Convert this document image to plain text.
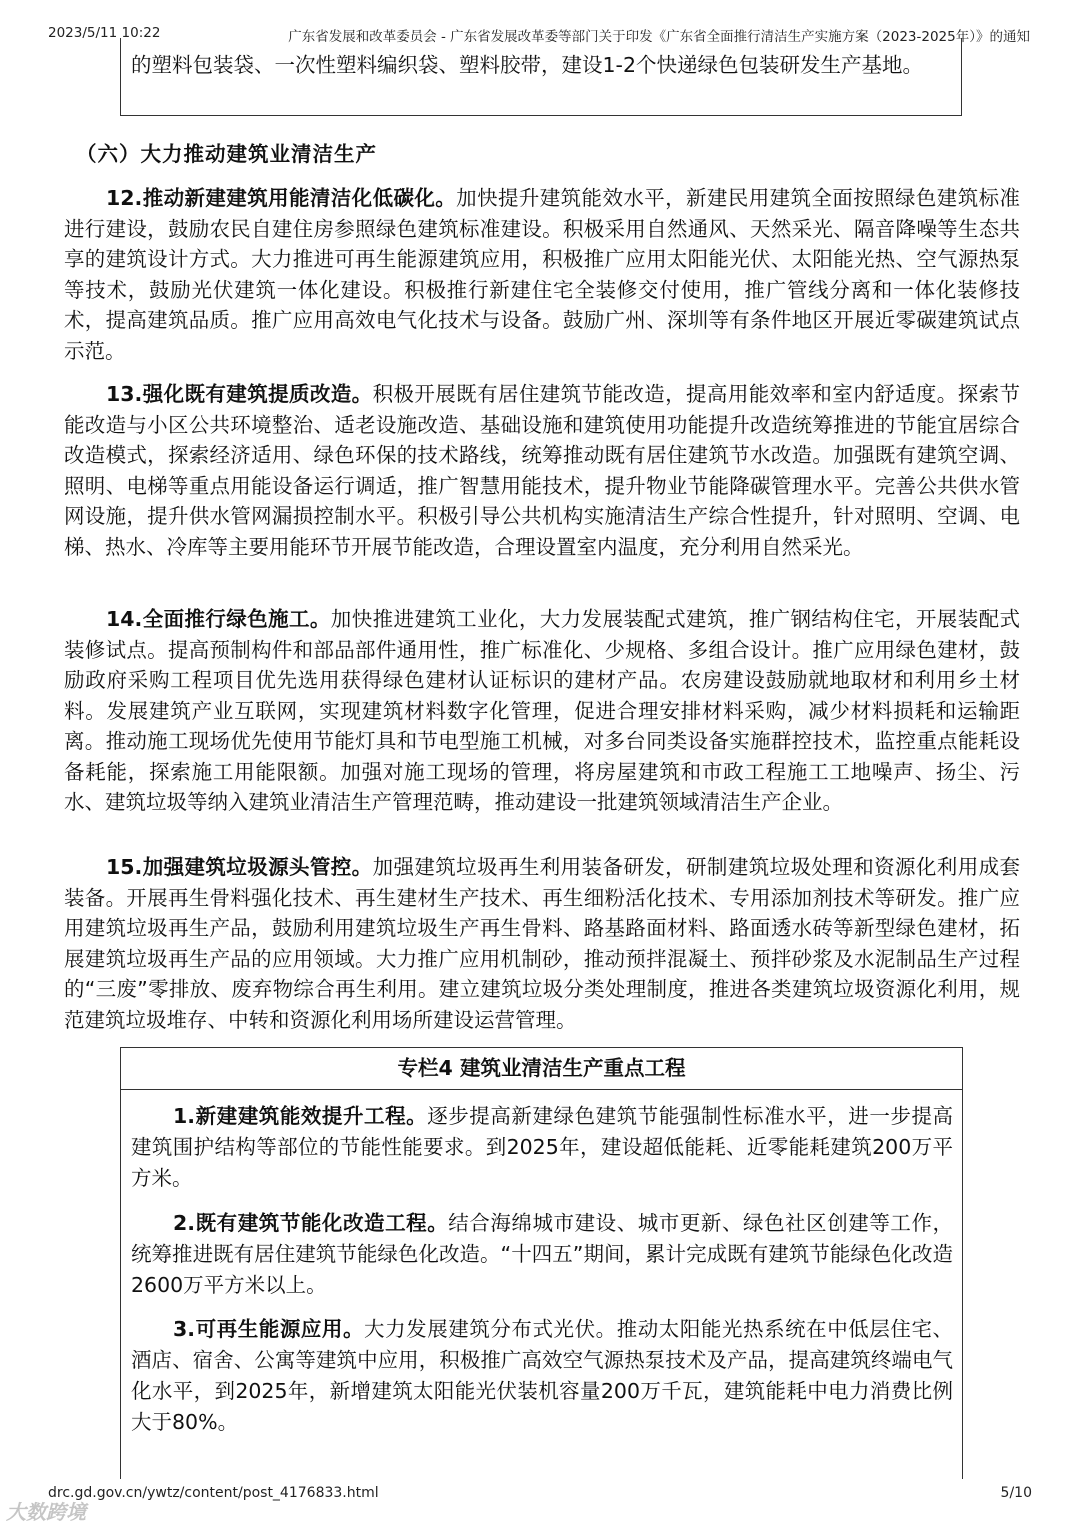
2023/5/11 10:22	广东省发展和改革委员会 - 广东省发展改革委等部门关于印发《广东省全面推行清洁生产实施方案（2023-2025年）》的通知
的塑料包装袋、一次性塑料编织袋、塑料胶带，建设1-2个快递绿色包装研发生产基地。
（六）大力推动建筑业清洁生产
12.推动新建建筑用能清洁化低碳化。加快提升建筑能效水平，新建民用建筑全面按照绿色建筑标准进行建设，鼓励农民自建住房参照绿色建筑标准建设。积极采用自然通风、天然采光、隔音降噪等生态共享的建筑设计方式。大力推进可再生能源建筑应用，积极推广应用太阳能光伏、太阳能光热、空气源热泵等技术，鼓励光伏建筑一体化建设。积极推行新建住宅全装修交付使用，推广管线分离和一体化装修技术，提高建筑品质。推广应用高效电气化技术与设备。鼓励广州、深圳等有条件地区开展近零碳建筑试点示范。
13.强化既有建筑提质改造。积极开展既有居住建筑节能改造，提高用能效率和室内舒适度。探索节能改造与小区公共环境整治、适老设施改造、基础设施和建筑使用功能提升改造统筹推进的节能宜居综合改造模式，探索经济适用、绿色环保的技术路线，统筹推动既有居住建筑节水改造。加强既有建筑空调、照明、电梯等重点用能设备运行调适，推广智慧用能技术，提升物业节能降碳管理水平。完善公共供水管网设施，提升供水管网漏损控制水平。积极引导公共机构实施清洁生产综合性提升，针对照明、空调、电梯、热水、冷库等主要用能环节开展节能改造，合理设置室内温度，充分利用自然采光。
14.全面推行绿色施工。加快推进建筑工业化，大力发展装配式建筑，推广钢结构住宅，开展装配式装修试点。提高预制构件和部品部件通用性，推广标准化、少规格、多组合设计。推广应用绿色建材，鼓励政府采购工程项目优先选用获得绿色建材认证标识的建材产品。农房建设鼓励就地取材和利用乡土材料。发展建筑产业互联网，实现建筑材料数字化管理，促进合理安排材料采购，减少材料损耗和运输距离。推动施工现场优先使用节能灯具和节电型施工机械，对多台同类设备实施群控技术，监控重点能耗设备耗能，探索施工用能限额。加强对施工现场的管理，将房屋建筑和市政工程施工工地噪声、扬尘、污水、建筑垃圾等纳入建筑业清洁生产管理范畴，推动建设一批建筑领域清洁生产企业。
15.加强建筑垃圾源头管控。加强建筑垃圾再生利用装备研发，研制建筑垃圾处理和资源化利用成套装备。开展再生骨料强化技术、再生建材生产技术、再生细粉活化技术、专用添加剂技术等研发。推广应用建筑垃圾再生产品，鼓励利用建筑垃圾生产再生骨料、路基路面材料、路面透水砖等新型绿色建材，拓展建筑垃圾再生产品的应用领域。大力推广应用机制砂，推动预拌混凝土、预拌砂浆及水泥制品生产过程的“三废”零排放、废弃物综合再生利用。建立建筑垃圾分类处理制度，推进各类建筑垃圾资源化利用，规范建筑垃圾堆存、中转和资源化利用场所建设运营管理。
专栏4 建筑业清洁生产重点工程
1.新建建筑能效提升工程。逐步提高新建绿色建筑节能强制性标准水平，进一步提高建筑围护结构等部位的节能性能要求。到2025年，建设超低能耗、近零能耗建筑200万平方米。
2.既有建筑节能化改造工程。结合海绵城市建设、城市更新、绿色社区创建等工作，统筹推进既有居住建筑节能绿色化改造。“十四五”期间，累计完成既有建筑节能绿色化改造2600万平方米以上。
3.可再生能源应用。大力发展建筑分布式光伏。推动太阳能光热系统在中低层住宅、酒店、宿舍、公寓等建筑中应用，积极推广高效空气源热泵技术及产品，提高建筑终端电气化水平，到2025年，新增建筑太阳能光伏装机容量200万千瓦，建筑能耗中电力消费比例大于80%。
drc.gd.gov.cn/ywtz/content/post_4176833.html	5/10
大数跨境
